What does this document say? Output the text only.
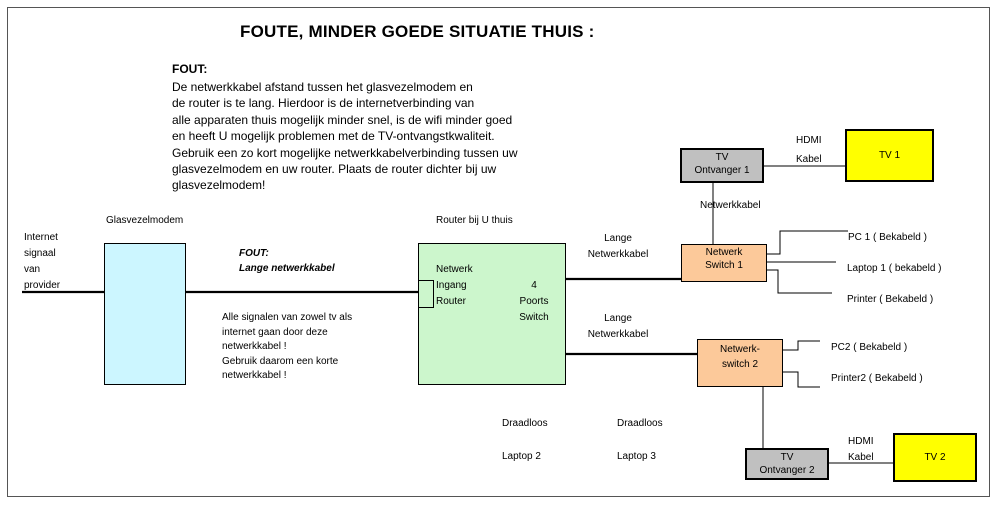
FOUTE, MINDER GOEDE SITUATIE THUIS :
FOUT:
De netwerkkabel afstand tussen het glasvezelmodem en
de router is te lang. Hierdoor is de internetverbinding van
alle apparaten thuis mogelijk minder snel, is de wifi minder goed
en heeft U mogelijk problemen met de TV-ontvangstkwaliteit.
Gebruik een zo kort mogelijke netwerkkabelverbinding tussen uw
glasvezelmodem en uw router. Plaats de router dichter bij uw
glasvezelmodem!
Internet
signaal
van
provider
Glasvezelmodem
FOUT:
Lange netwerkkabel
Alle signalen van zowel tv als
internet gaan door deze
netwerkkabel !
Gebruik daarom een korte
netwerkkabel !
Router bij U thuis
Netwerk
Ingang
Router
4
Poorts
Switch
Lange
Netwerkkabel
Lange
Netwerkkabel
Netwerk
Switch 1
Netwerk-
switch 2
TV
Ontvanger 1
TV
Ontvanger 2
TV 1
TV 2
HDMI
Kabel
HDMI
Kabel
Netwerkkabel
PC 1 ( Bekabeld )
Laptop 1 ( bekabeld )
Printer ( Bekabeld )
PC2 ( Bekabeld )
Printer2 ( Bekabeld )
Draadloos
Laptop 2
Draadloos
Laptop 3
